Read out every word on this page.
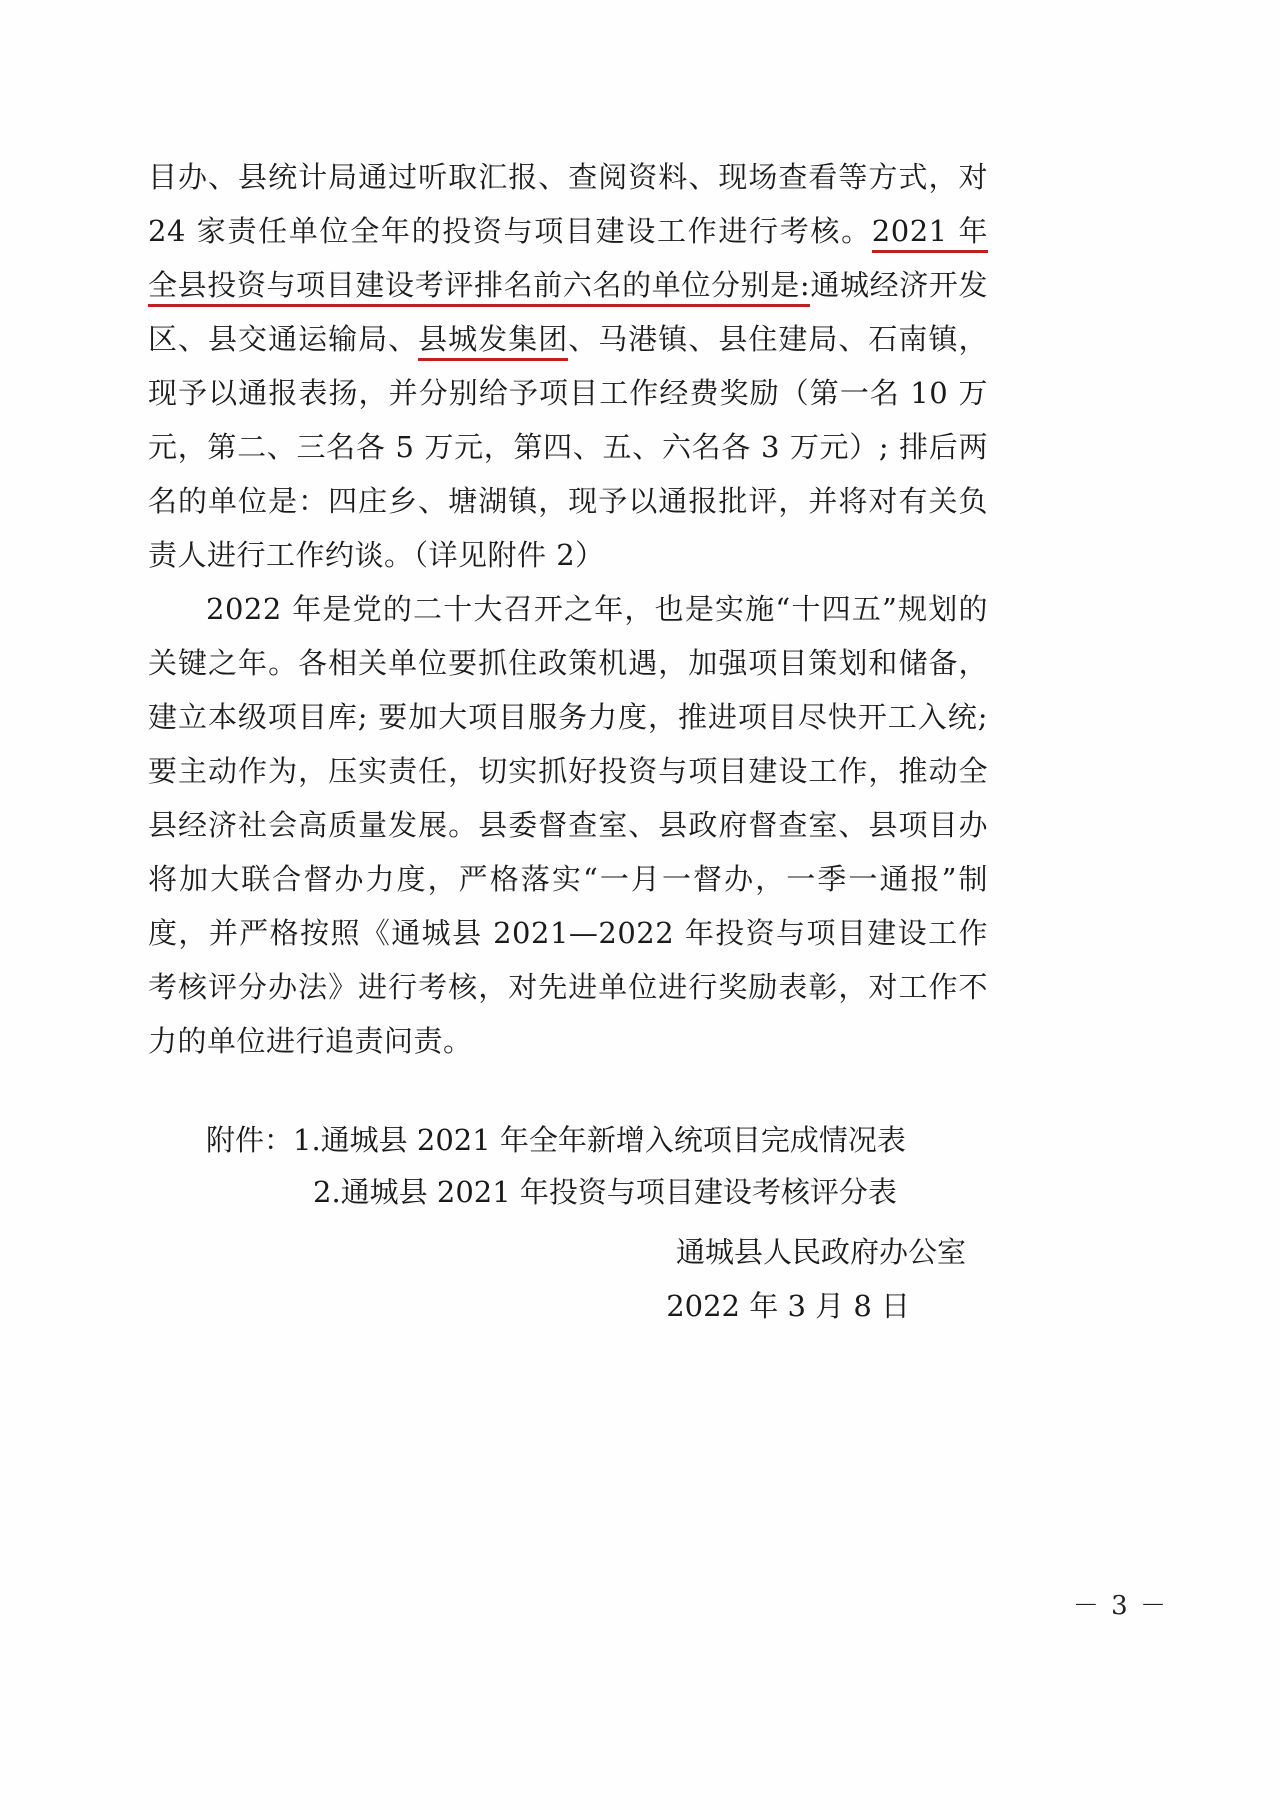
目办、县统计局通过听取汇报、查阅资料、现场查看等方式，对 24 家责任单位全年的投资与项目建设工作进行考核。2021 年全县投资与项目建设考评排名前六名的单位分别是:通城经济开发区、县交通运输局、县城发集团、马港镇、县住建局、石南镇，现予以通报表扬，并分别给予项目工作经费奖励（第一名 10 万元，第二、三名各 5 万元，第四、五、六名各 3 万元）; 排后两名的单位是：四庄乡、塘湖镇，现予以通报批评，并将对有关负责人进行工作约谈。（详见附件 2）

2022 年是党的二十大召开之年，也是实施“十四五”规划的关键之年。各相关单位要抓住政策机遇，加强项目策划和储备，建立本级项目库; 要加大项目服务力度，推进项目尽快开工入统; 要主动作为，压实责任，切实抓好投资与项目建设工作，推动全县经济社会高质量发展。县委督查室、县政府督查室、县项目办将加大联合督办力度，严格落实“一月一督办，一季一通报”制度，并严格按照《通城县 2021—2022 年投资与项目建设工作考核评分办法》进行考核，对先进单位进行奖励表彰，对工作不力的单位进行追责问责。

附件：1.通城县 2021 年全年新增入统项目完成情况表
2.通城县 2021 年投资与项目建设考核评分表
通城县人民政府办公室
2022 年 3 月 8 日
－ 3 －
